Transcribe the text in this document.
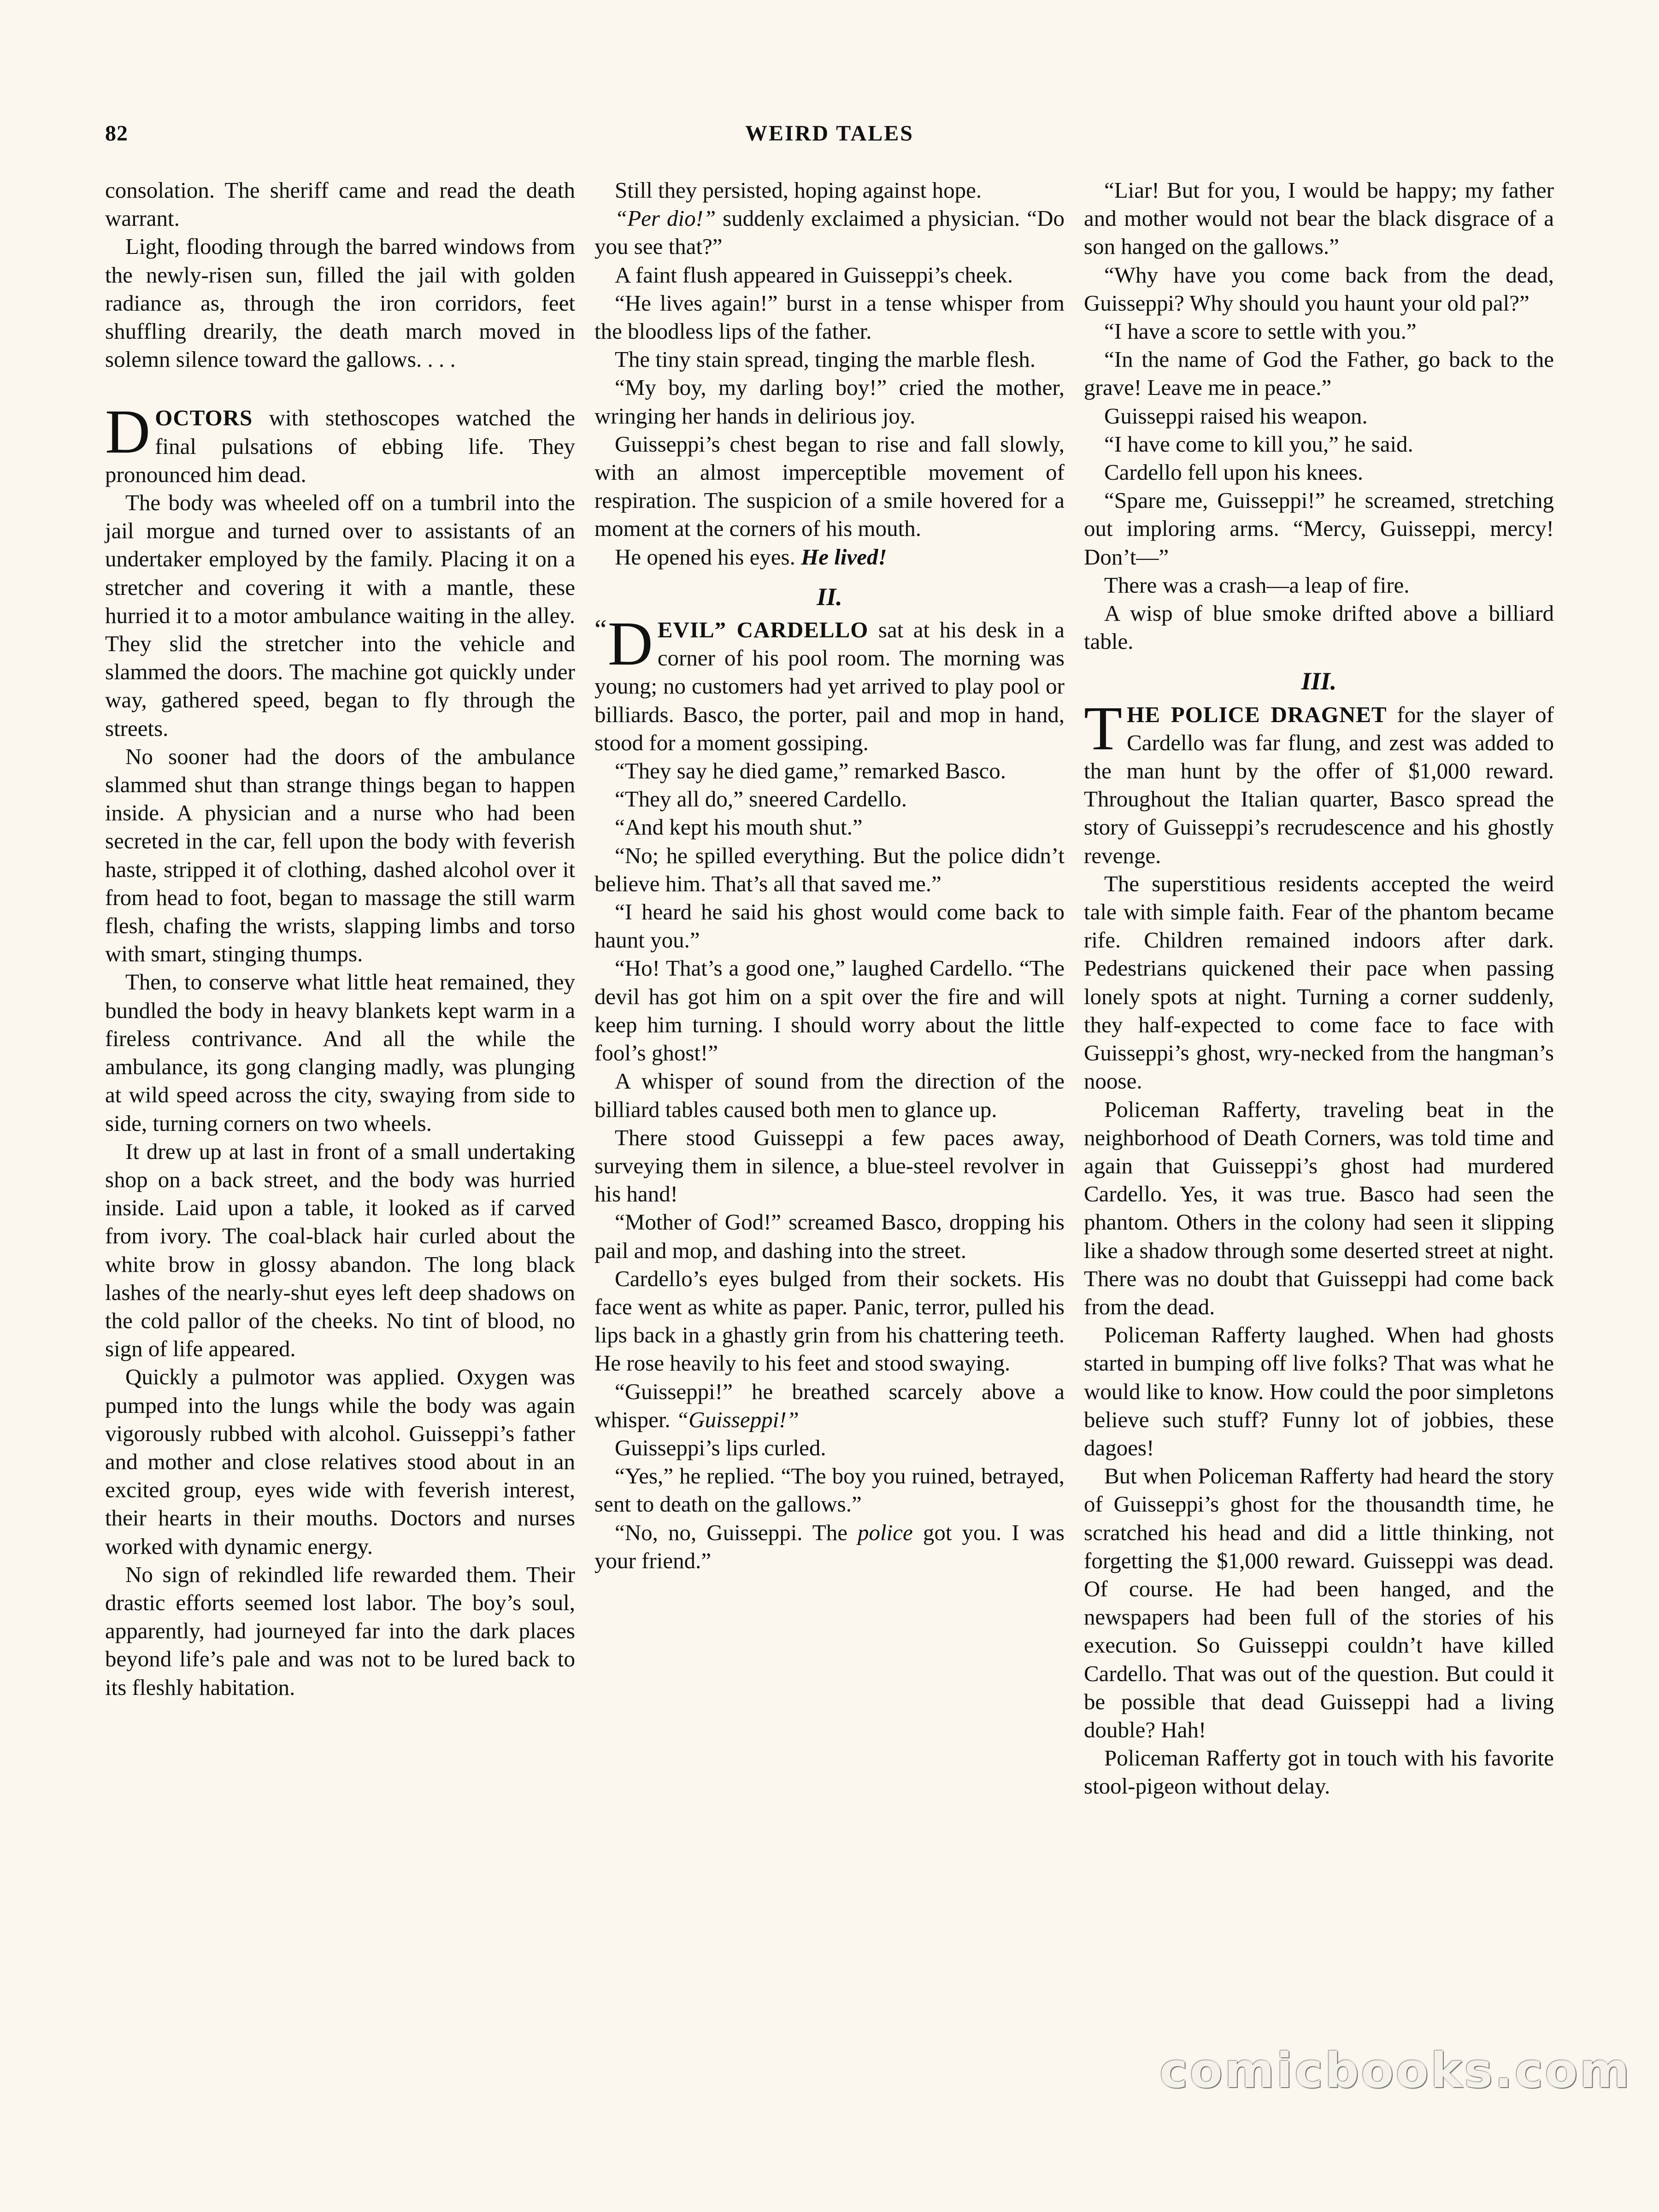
82	WEIRD TALES

consolation. The sheriff came and read the death warrant.

Light, flooding through the barred windows from the newly-risen sun, filled the jail with golden radiance as, through the iron corridors, feet shuffling drearily, the death march moved in solemn silence toward the gallows. . . .

DOCTORS with stethoscopes watched the final pulsations of ebbing life. They pronounced him dead.

The body was wheeled off on a tumbril into the jail morgue and turned over to assistants of an undertaker employed by the family. Placing it on a stretcher and covering it with a mantle, these hurried it to a motor ambulance waiting in the alley. They slid the stretcher into the vehicle and slammed the doors. The machine got quickly under way, gathered speed, began to fly through the streets.

No sooner had the doors of the ambulance slammed shut than strange things began to happen inside. A physician and a nurse who had been secreted in the car, fell upon the body with feverish haste, stripped it of clothing, dashed alcohol over it from head to foot, began to massage the still warm flesh, chafing the wrists, slapping limbs and torso with smart, stinging thumps.

Then, to conserve what little heat remained, they bundled the body in heavy blankets kept warm in a fireless contrivance. And all the while the ambulance, its gong clanging madly, was plunging at wild speed across the city, swaying from side to side, turning corners on two wheels.

It drew up at last in front of a small undertaking shop on a back street, and the body was hurried inside. Laid upon a table, it looked as if carved from ivory. The coal-black hair curled about the white brow in glossy abandon. The long black lashes of the nearly-shut eyes left deep shadows on the cold pallor of the cheeks. No tint of blood, no sign of life appeared.

Quickly a pulmotor was applied. Oxygen was pumped into the lungs while the body was again vigorously rubbed with alcohol. Guisseppi’s father and mother and close relatives stood about in an excited group, eyes wide with feverish interest, their hearts in their mouths. Doctors and nurses worked with dynamic energy.

No sign of rekindled life rewarded them. Their drastic efforts seemed lost labor. The boy’s soul, apparently, had journeyed far into the dark places beyond life’s pale and was not to be lured back to its fleshly habitation.

Still they persisted, hoping against hope.

“Per dio!” suddenly exclaimed a physician. “Do you see that?”

A faint flush appeared in Guisseppi’s cheek.

“He lives again!” burst in a tense whisper from the bloodless lips of the father.

The tiny stain spread, tinging the marble flesh.

“My boy, my darling boy!” cried the mother, wringing her hands in delirious joy.

Guisseppi’s chest began to rise and fall slowly, with an almost imperceptible movement of respiration. The suspicion of a smile hovered for a moment at the corners of his mouth.

He opened his eyes. He lived!

II.

“ D EVIL” CARDELLO sat at his desk in a corner of his pool room. The morning was young; no customers had yet arrived to play pool or billiards. Basco, the porter, pail and mop in hand, stood for a moment gossiping.

“They say he died game,” remarked Basco.

“They all do,” sneered Cardello.

“And kept his mouth shut.”

“No; he spilled everything. But the police didn’t believe him. That’s all that saved me.”

“I heard he said his ghost would come back to haunt you.”

“Ho! That’s a good one,” laughed Cardello. “The devil has got him on a spit over the fire and will keep him turning. I should worry about the little fool’s ghost!”

A whisper of sound from the direction of the billiard tables caused both men to glance up.

There stood Guisseppi a few paces away, surveying them in silence, a blue-steel revolver in his hand!

“Mother of God!” screamed Basco, dropping his pail and mop, and dashing into the street.

Cardello’s eyes bulged from their sockets. His face went as white as paper. Panic, terror, pulled his lips back in a ghastly grin from his chattering teeth. He rose heavily to his feet and stood swaying.

“Guisseppi!” he breathed scarcely above a whisper. “Guisseppi!”

Guisseppi’s lips curled.

“Yes,” he replied. “The boy you ruined, betrayed, sent to death on the gallows.”

“No, no, Guisseppi. The police got you. I was your friend.”

“Liar! But for you, I would be happy; my father and mother would not bear the black disgrace of a son hanged on the gallows.”

“Why have you come back from the dead, Guisseppi? Why should you haunt your old pal?”

“I have a score to settle with you.”

“In the name of God the Father, go back to the grave! Leave me in peace.”

Guisseppi raised his weapon.

“I have come to kill you,” he said.

Cardello fell upon his knees.

“Spare me, Guisseppi!” he screamed, stretching out imploring arms. “Mercy, Guisseppi, mercy! Don’t—”

There was a crash—a leap of fire.

A wisp of blue smoke drifted above a billiard table.

III.

THE POLICE DRAGNET for the slayer of Cardello was far flung, and zest was added to the man hunt by the offer of $1,000 reward. Throughout the Italian quarter, Basco spread the story of Guisseppi’s recrudescence and his ghostly revenge.

The superstitious residents accepted the weird tale with simple faith. Fear of the phantom became rife. Children remained indoors after dark. Pedestrians quickened their pace when passing lonely spots at night. Turning a corner suddenly, they half-expected to come face to face with Guisseppi’s ghost, wry-necked from the hangman’s noose.

Policeman Rafferty, traveling beat in the neighborhood of Death Corners, was told time and again that Guisseppi’s ghost had murdered Cardello. Yes, it was true. Basco had seen the phantom. Others in the colony had seen it slipping like a shadow through some deserted street at night. There was no doubt that Guisseppi had come back from the dead.

Policeman Rafferty laughed. When had ghosts started in bumping off live folks? That was what he would like to know. How could the poor simpletons believe such stuff? Funny lot of jobbies, these dagoes!

But when Policeman Rafferty had heard the story of Guisseppi’s ghost for the thousandth time, he scratched his head and did a little thinking, not forgetting the $1,000 reward. Guisseppi was dead. Of course. He had been hanged, and the newspapers had been full of the stories of his execution. So Guisseppi couldn’t have killed Cardello. That was out of the question. But could it be possible that dead Guisseppi had a living double? Hah!

Policeman Rafferty got in touch with his favorite stool-pigeon without delay.

comicbooks.com
